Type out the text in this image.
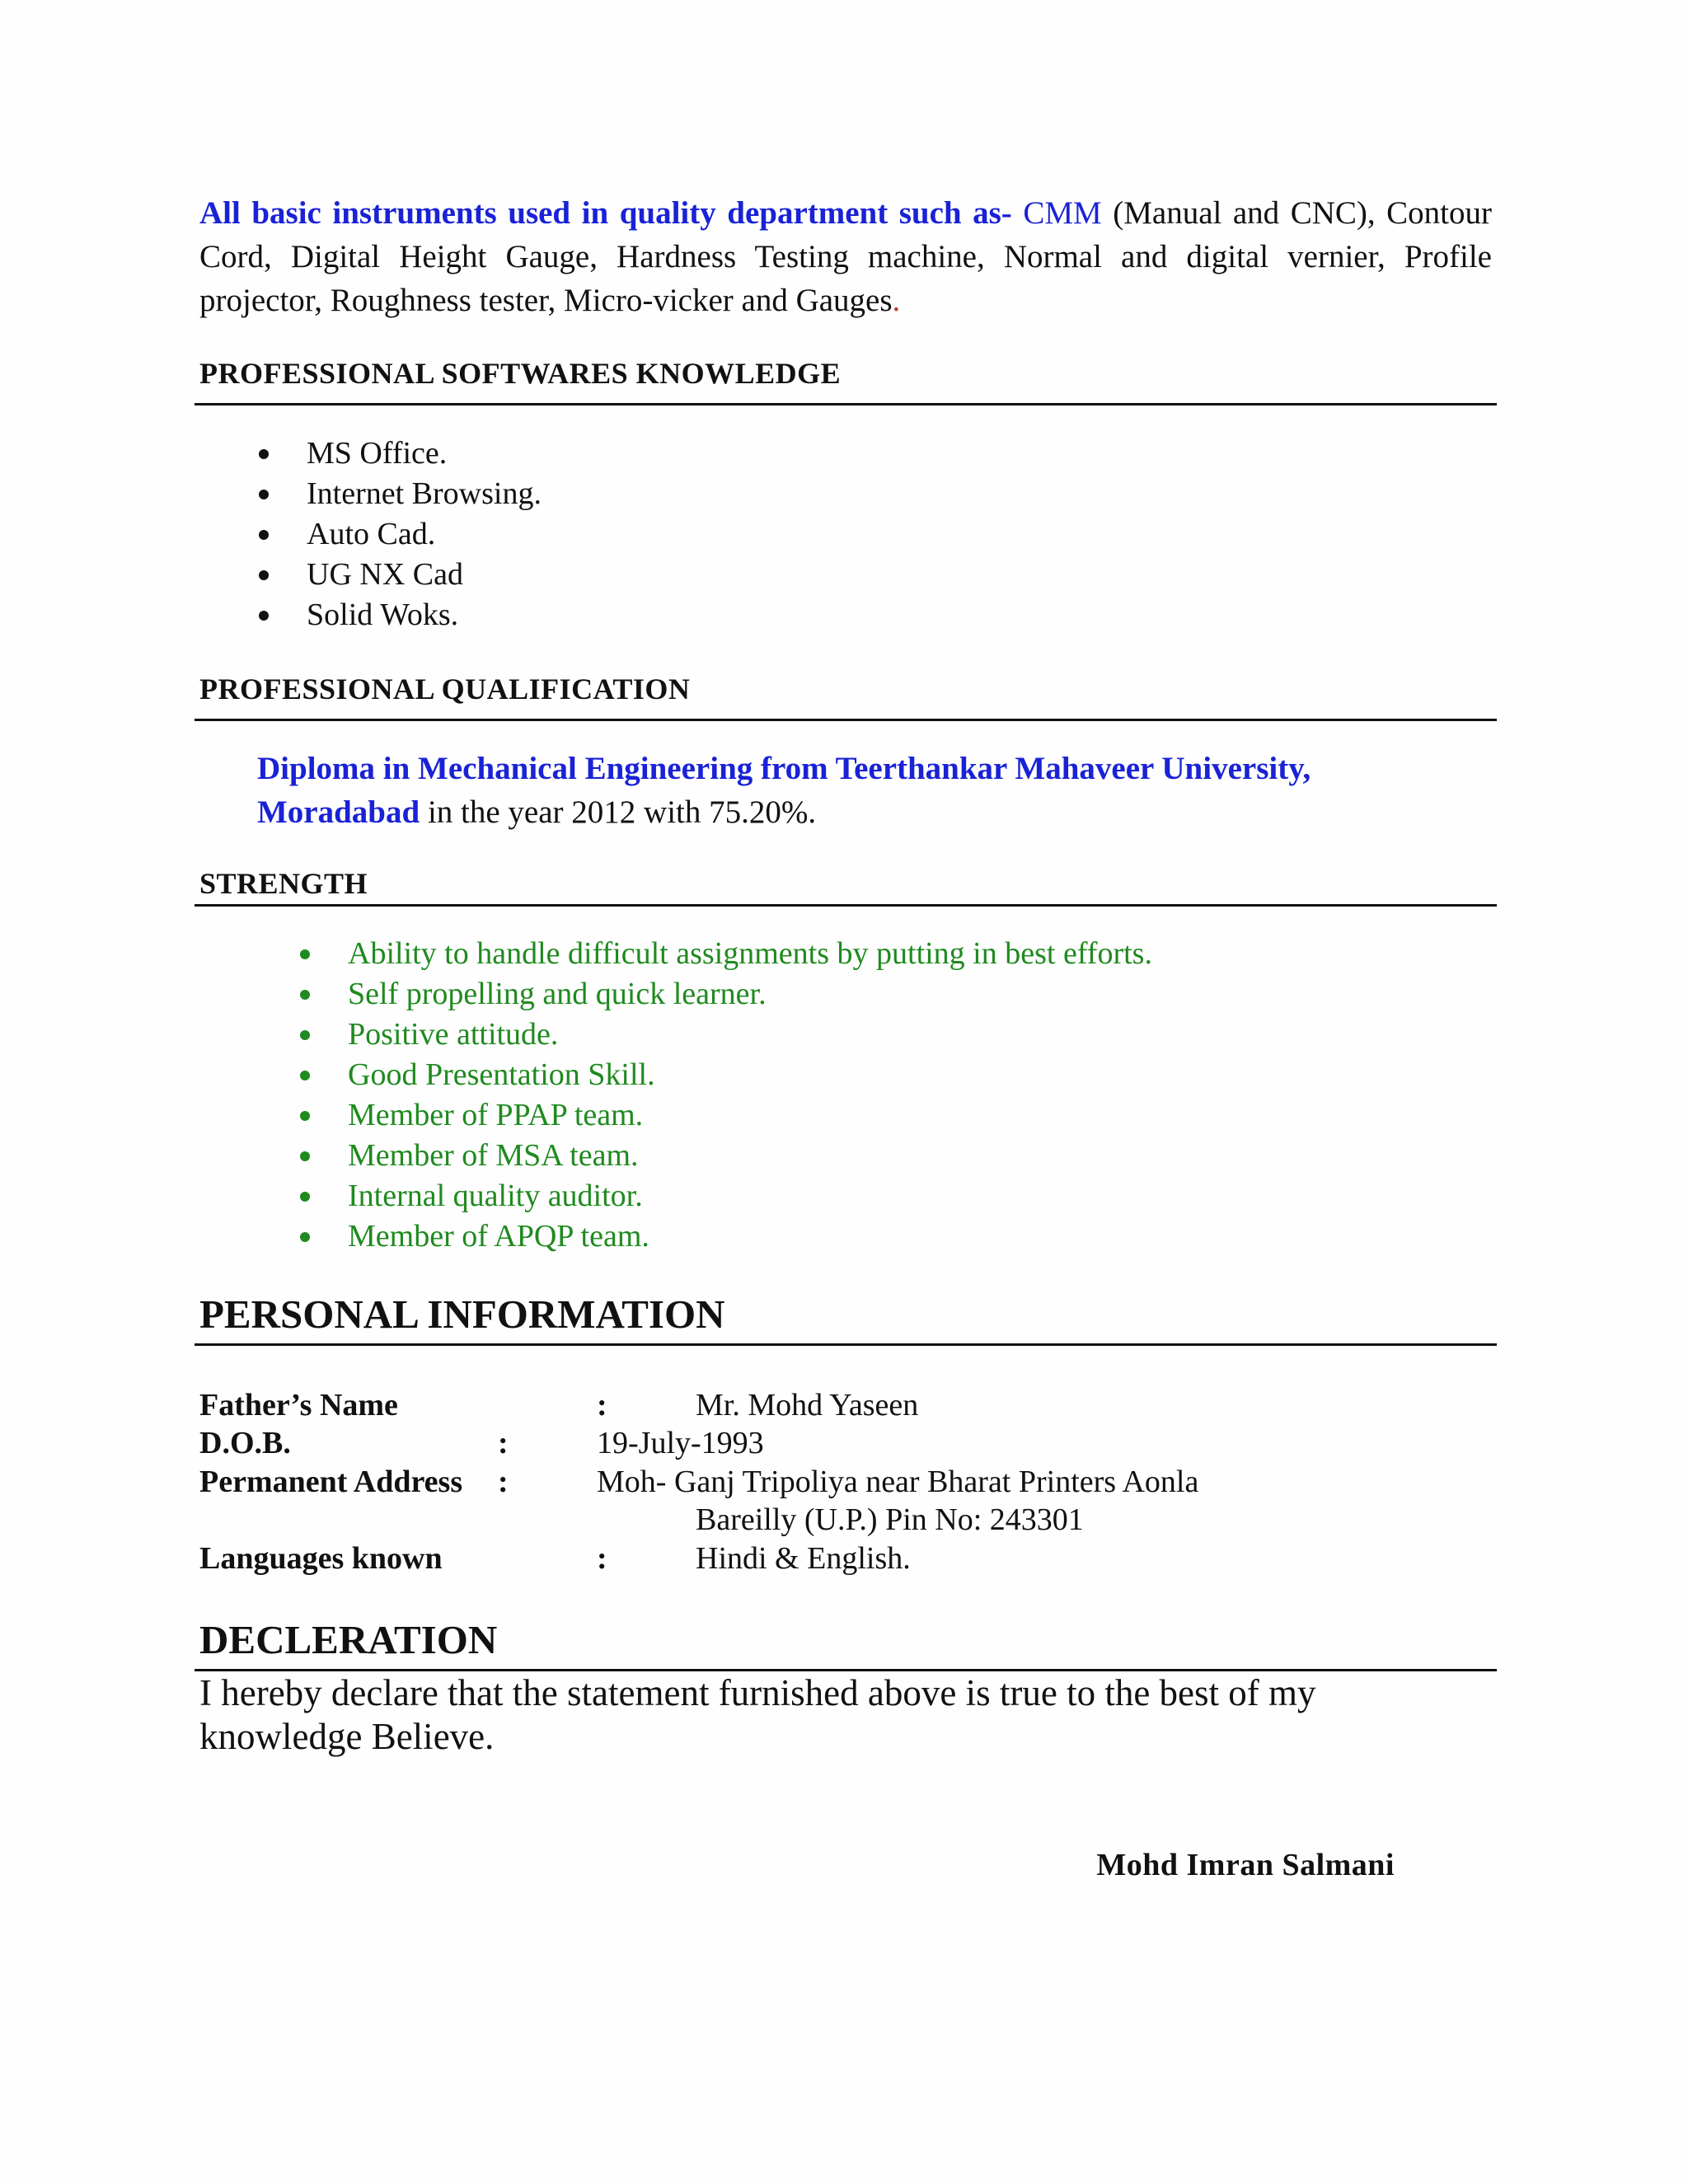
All basic instruments used in quality department such as- CMM (Manual and CNC), Contour Cord, Digital Height Gauge, Hardness Testing machine, Normal and digital vernier, Profile projector, Roughness tester, Micro-vicker and Gauges.
PROFESSIONAL SOFTWARES KNOWLEDGE
MS Office.
Internet Browsing.
Auto Cad.
UG NX Cad
Solid Woks.
PROFESSIONAL QUALIFICATION
Diploma in Mechanical Engineering from Teerthankar Mahaveer University, Moradabad in the year 2012 with 75.20%.
STRENGTH
Ability to handle difficult assignments by putting in best efforts.
Self propelling and quick learner.
Positive attitude.
Good Presentation Skill.
Member of PPAP team.
Member of MSA team.
Internal quality auditor.
Member of APQP team.
PERSONAL INFORMATION
Father’s Name	:	Mr. Mohd Yaseen
D.O.B.	:	19-July-1993
Permanent Address :	Moh- Ganj Tripoliya near Bharat Printers Aonla
Bareilly (U.P.) Pin No: 243301
Languages known	:	Hindi & English.
DECLERATION
I hereby declare that the statement furnished above is true to the best of my knowledge Believe.
Mohd Imran Salmani
